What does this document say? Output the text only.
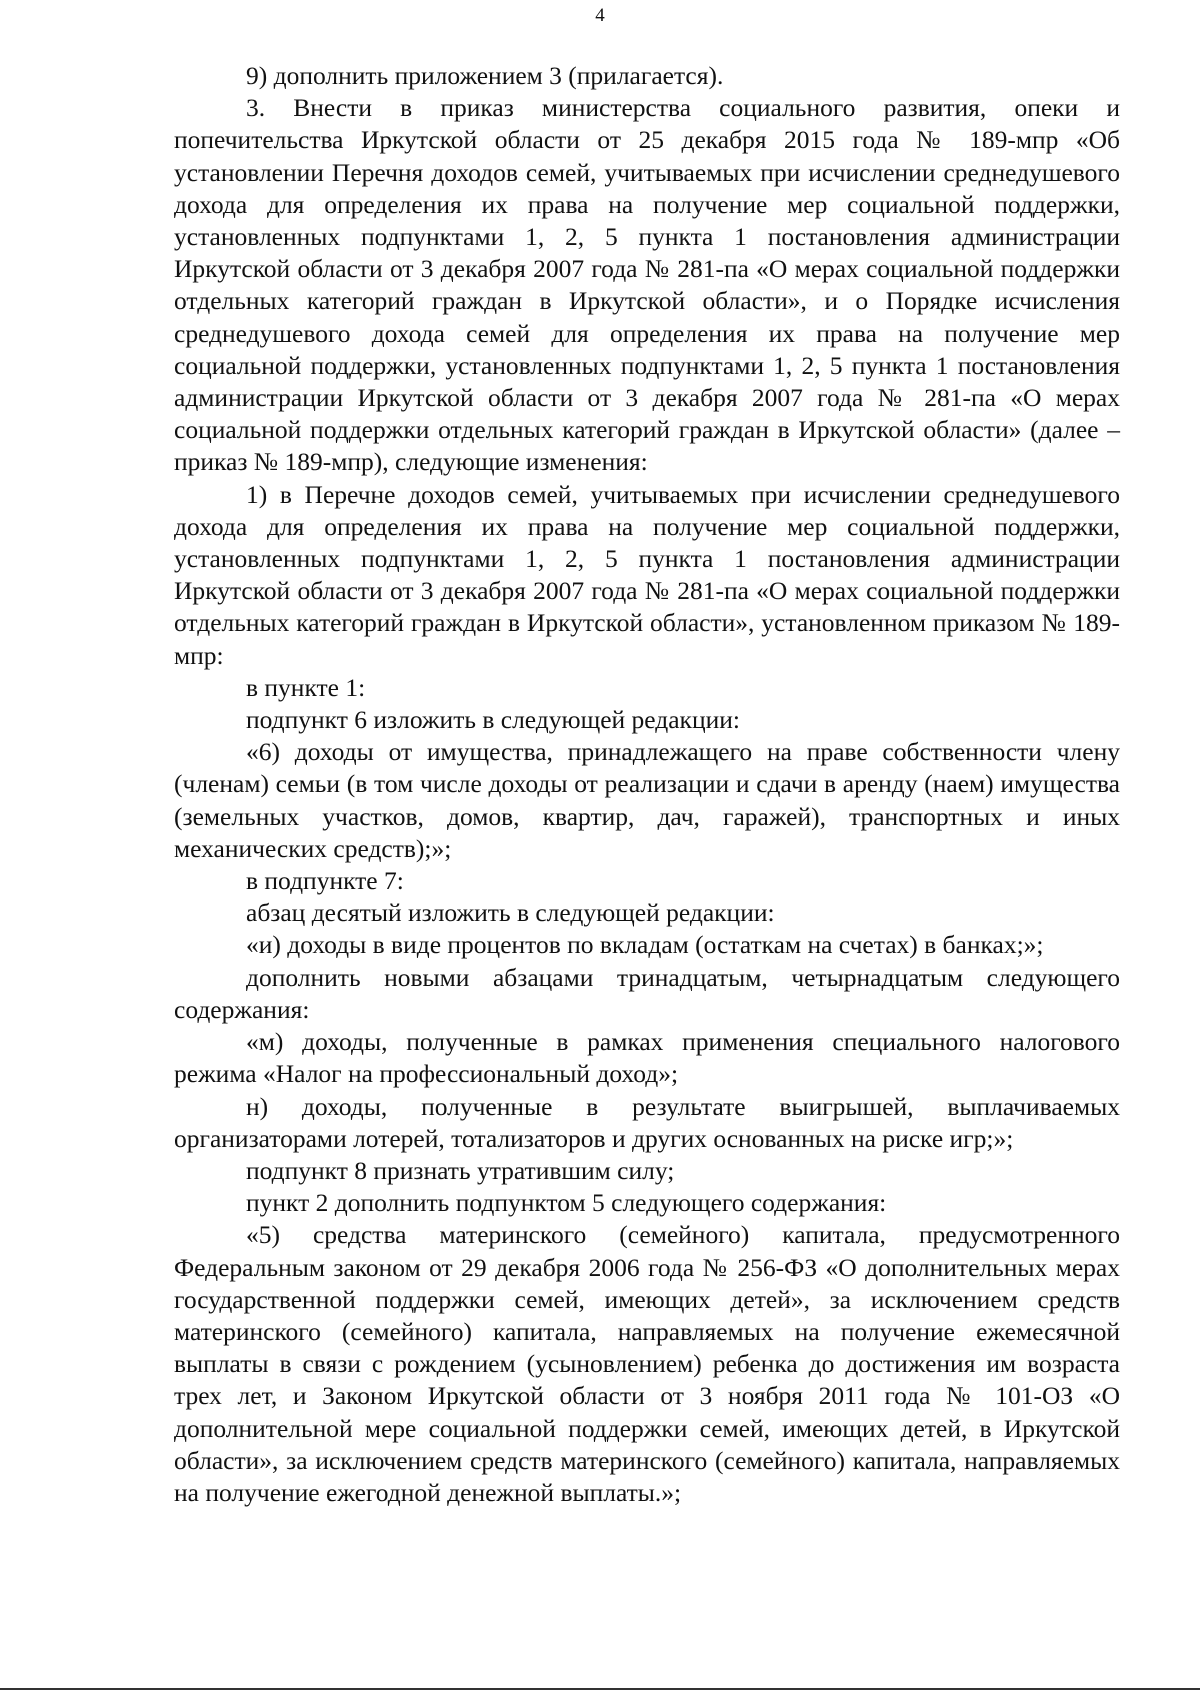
4

9) дополнить приложением 3 (прилагается).

3. Внести в приказ министерства социального развития, опеки и попечительства Иркутской области от 25 декабря 2015 года № 189-мпр «Об установлении Перечня доходов семей, учитываемых при исчислении среднедушевого дохода для определения их права на получение мер социальной поддержки, установленных подпунктами 1, 2, 5 пункта 1 постановления администрации Иркутской области от 3 декабря 2007 года № 281-па «О мерах социальной поддержки отдельных категорий граждан в Иркутской области», и о Порядке исчисления среднедушевого дохода семей для определения их права на получение мер социальной поддержки, установленных подпунктами 1, 2, 5 пункта 1 постановления администрации Иркутской области от 3 декабря 2007 года № 281-па «О мерах социальной поддержки отдельных категорий граждан в Иркутской области» (далее – приказ № 189-мпр), следующие изменения:

1) в Перечне доходов семей, учитываемых при исчислении среднедушевого дохода для определения их права на получение мер социальной поддержки, установленных подпунктами 1, 2, 5 пункта 1 постановления администрации Иркутской области от 3 декабря 2007 года № 281-па «О мерах социальной поддержки отдельных категорий граждан в Иркутской области», установленном приказом № 189-мпр:

в пункте 1:

подпункт 6 изложить в следующей редакции:

«6) доходы от имущества, принадлежащего на праве собственности члену (членам) семьи (в том числе доходы от реализации и сдачи в аренду (наем) имущества (земельных участков, домов, квартир, дач, гаражей), транспортных и иных механических средств);»;

в подпункте 7:

абзац десятый изложить в следующей редакции:

«и) доходы в виде процентов по вкладам (остаткам на счетах) в банках;»;

дополнить новыми абзацами тринадцатым, четырнадцатым следующего содержания:

«м) доходы, полученные в рамках применения специального налогового режима «Налог на профессиональный доход»;

н) доходы, полученные в результате выигрышей, выплачиваемых организаторами лотерей, тотализаторов и других основанных на риске игр;»;

подпункт 8 признать утратившим силу;

пункт 2 дополнить подпунктом 5 следующего содержания:

«5) средства материнского (семейного) капитала, предусмотренного Федеральным законом от 29 декабря 2006 года № 256-ФЗ «О дополнительных мерах государственной поддержки семей, имеющих детей», за исключением средств материнского (семейного) капитала, направляемых на получение ежемесячной выплаты в связи с рождением (усыновлением) ребенка до достижения им возраста трех лет, и Законом Иркутской области от 3 ноября 2011 года № 101-ОЗ «О дополнительной мере социальной поддержки семей, имеющих детей, в Иркутской области», за исключением средств материнского (семейного) капитала, направляемых на получение ежегодной денежной выплаты.»;
